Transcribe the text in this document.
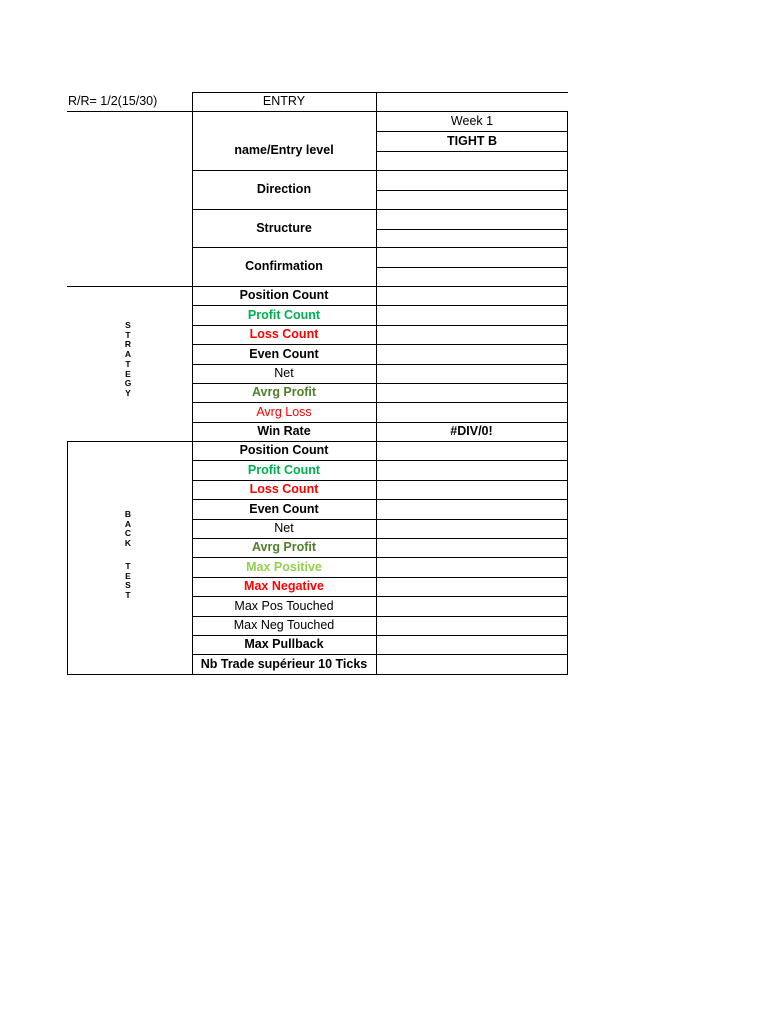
R/R= 1/2(15/30)	ENTRY
Week 1
TIGHT B
name/Entry level
Direction
Structure
Confirmation
S
T
R
A
T
E
G
Y
B
A
C
K
T
E
S
T
Position Count
Profit Count
Loss Count
Even Count
Net
Avrg Profit
Avrg Loss
Win Rate	#DIV/0!
Position Count
Profit Count
Loss Count
Even Count
Net
Avrg Profit
Max Positive
Max Negative
Max Pos Touched
Max Neg Touched
Max Pullback
Nb Trade supérieur 10 Ticks
